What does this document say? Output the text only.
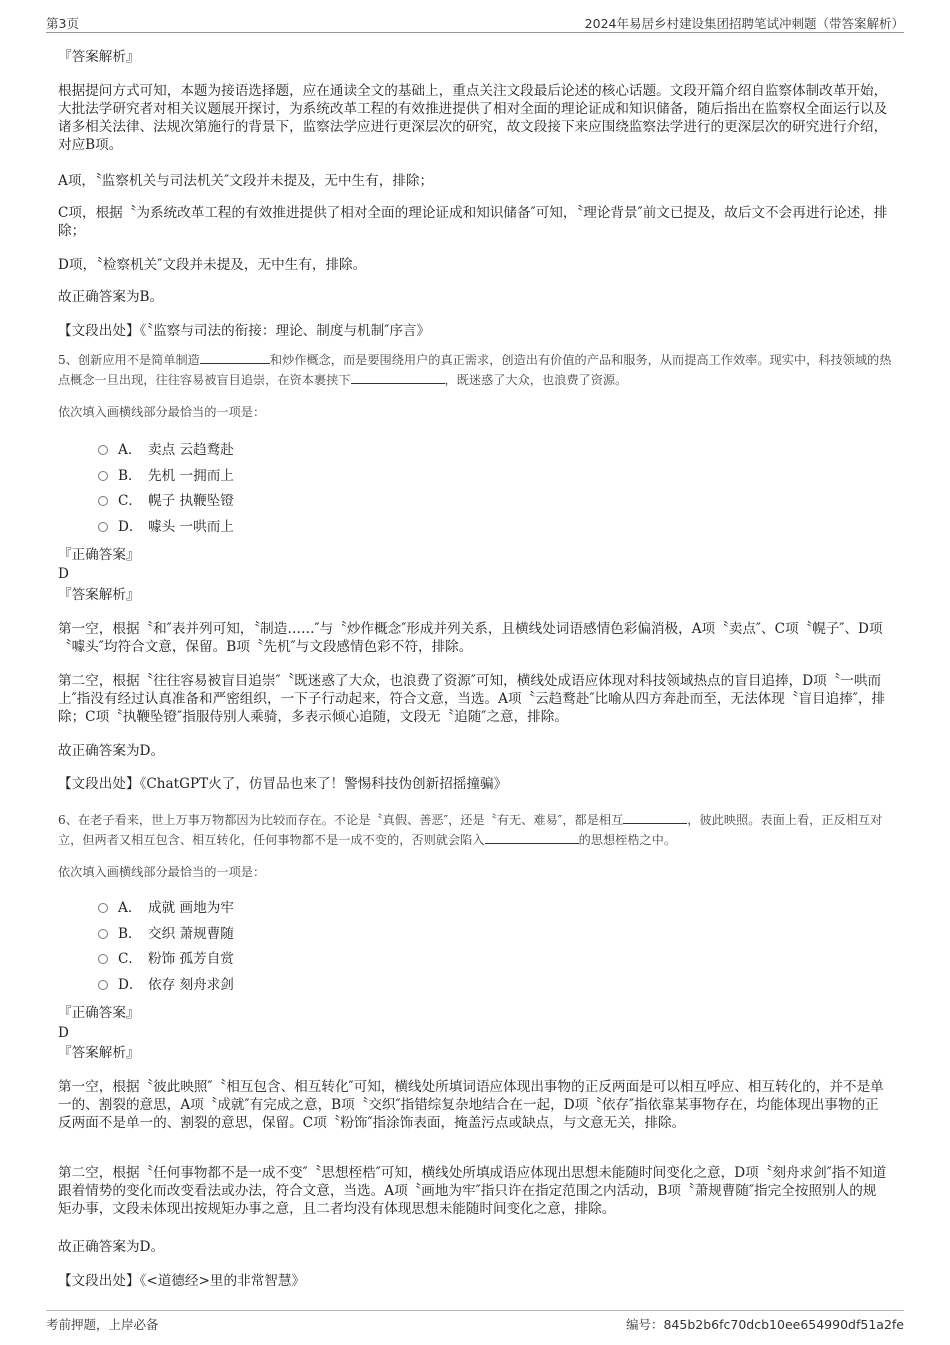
第3页	2024年易居乡村建设集团招聘笔试冲刺题（带答案解析）
『答案解析』

根据提问方式可知，本题为接语选择题，应在通读全文的基础上，重点关注文段最后论述的核心话题。文段开篇介绍自监察体制改革开始，大批法学研究者对相关议题展开探讨，为系统改革工程的有效推进提供了相对全面的理论证成和知识储备，随后指出在监察权全面运行以及诸多相关法律、法规次第施行的背景下，监察法学应进行更深层次的研究，故文段接下来应围绕监察法学进行的更深层次的研究进行介绍，对应B项。

A项，〝监察机关与司法机关″文段并未提及，无中生有，排除；

C项，根据〝为系统改革工程的有效推进提供了相对全面的理论证成和知识储备″可知，〝理论背景″前文已提及，故后文不会再进行论述，排除；

D项，〝检察机关″文段并未提及，无中生有，排除。

故正确答案为B。

【文段出处】《〝监察与司法的衔接：理论、制度与机制″序言》

5、创新应用不是简单制造	和炒作概念，而是要围绕用户的真正需求，创造出有价值的产品和服务，从而提高工作效率。现实中，科技领域的热点概念一旦出现，往往容易被盲目追崇，在资本裹挟下	，既迷惑了大众，也浪费了资源。

依次填入画横线部分最恰当的一项是：

A． 卖点 云趋鹜赴
B． 先机 一拥而上
C． 幌子 执鞭坠镫
D． 噱头 一哄而上
『正确答案』
D
『答案解析』

第一空，根据〝和″表并列可知，〝制造……″与〝炒作概念″形成并列关系，且横线处词语感情色彩偏消极，A项〝卖点″、C项〝幌子″、D项〝噱头″均符合文意，保留。B项〝先机″与文段感情色彩不符，排除。

第二空，根据〝往往容易被盲目追崇″〝既迷惑了大众，也浪费了资源″可知，横线处成语应体现对科技领域热点的盲目追捧，D项〝一哄而上″指没有经过认真准备和严密组织，一下子行动起来，符合文意，当选。A项〝云趋鹜赴″比喻从四方奔赴而至，无法体现〝盲目追捧″，排除；C项〝执鞭坠镫″指服侍别人乘骑，多表示倾心追随，文段无〝追随″之意，排除。

故正确答案为D。

【文段出处】《ChatGPT火了，仿冒品也来了！警惕科技伪创新招摇撞骗》

6、在老子看来，世上万事万物都因为比较而存在。不论是〝真假、善恶″，还是〝有无、难易″，都是相互	，彼此映照。表面上看，正反相互对立，但两者又相互包含、相互转化，任何事物都不是一成不变的，否则就会陷入	的思想桎梏之中。

依次填入画横线部分最恰当的一项是：

A． 成就 画地为牢
B． 交织 萧规曹随
C． 粉饰 孤芳自赏
D． 依存 刻舟求剑
『正确答案』
D
『答案解析』

第一空，根据〝彼此映照″〝相互包含、相互转化″可知，横线处所填词语应体现出事物的正反两面是可以相互呼应、相互转化的，并不是单一的、割裂的意思，A项〝成就″有完成之意，B项〝交织″指错综复杂地结合在一起，D项〝依存″指依靠某事物存在，均能体现出事物的正反两面不是单一的、割裂的意思，保留。C项〝粉饰″指涂饰表面，掩盖污点或缺点，与文意无关，排除。

第二空，根据〝任何事物都不是一成不变″〝思想桎梏″可知，横线处所填成语应体现出思想未能随时间变化之意，D项〝刻舟求剑″指不知道跟着情势的变化而改变看法或办法，符合文意，当选。A项〝画地为牢″指只许在指定范围之内活动，B项〝萧规曹随″指完全按照别人的规矩办事，文段未体现出按规矩办事之意，且二者均没有体现思想未能随时间变化之意，排除。

故正确答案为D。

【文段出处】《<道德经>里的非常智慧》

考前押题，上岸必备	编号：845b2b6fc70dcb10ee654990df51a2fe
